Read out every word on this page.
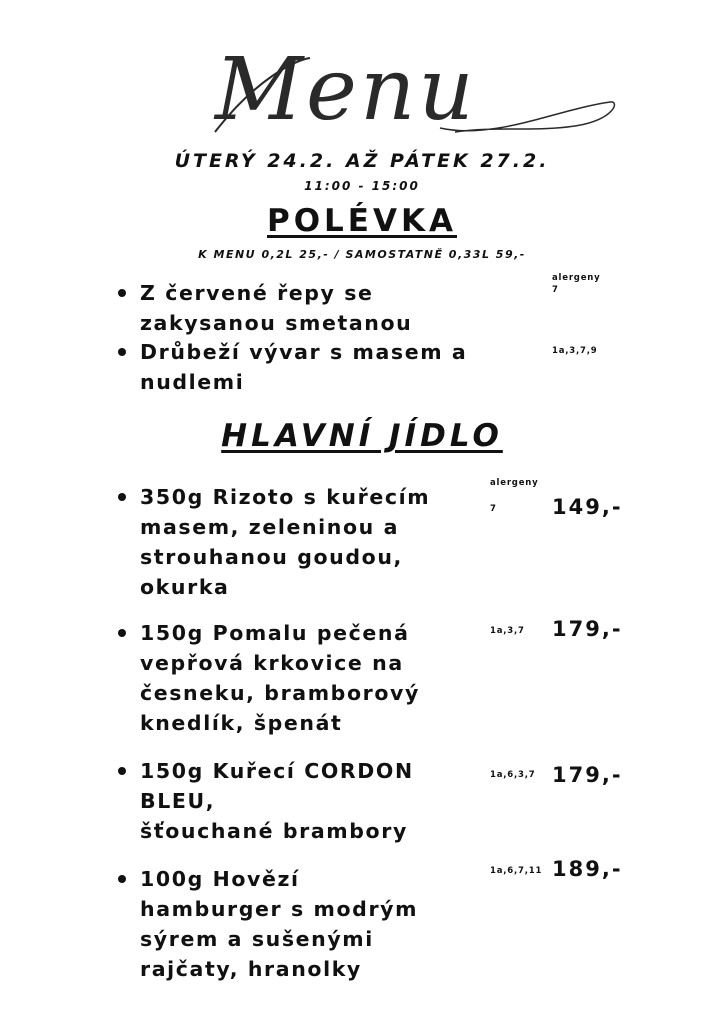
Menu
ÚTERÝ 24.2. AŽ PÁTEK 27.2.
11:00 - 15:00
POLÉVKA
K MENU 0,2L 25,- / SAMOSTATNĚ 0,33L 59,-
alergeny
Z červené řepy se
zakysanou smetanou
7
Drůbeží vývar s masem a
nudlemi
1a,3,7,9
HLAVNÍ JÍDLO
alergeny
350g Rizoto s kuřecím
masem, zeleninou a
strouhanou goudou,
okurka
7	149,-
150g Pomalu pečená
vepřová krkovice na
česneku, bramborový
knedlík, špenát
1a,3,7 179,-
150g Kuřecí CORDON
BLEU,
šťouchané brambory
1a,6,3,7 179,-
100g Hovězí
hamburger s modrým
sýrem a sušenými
rajčaty, hranolky
1a,6,7,11 189,-
